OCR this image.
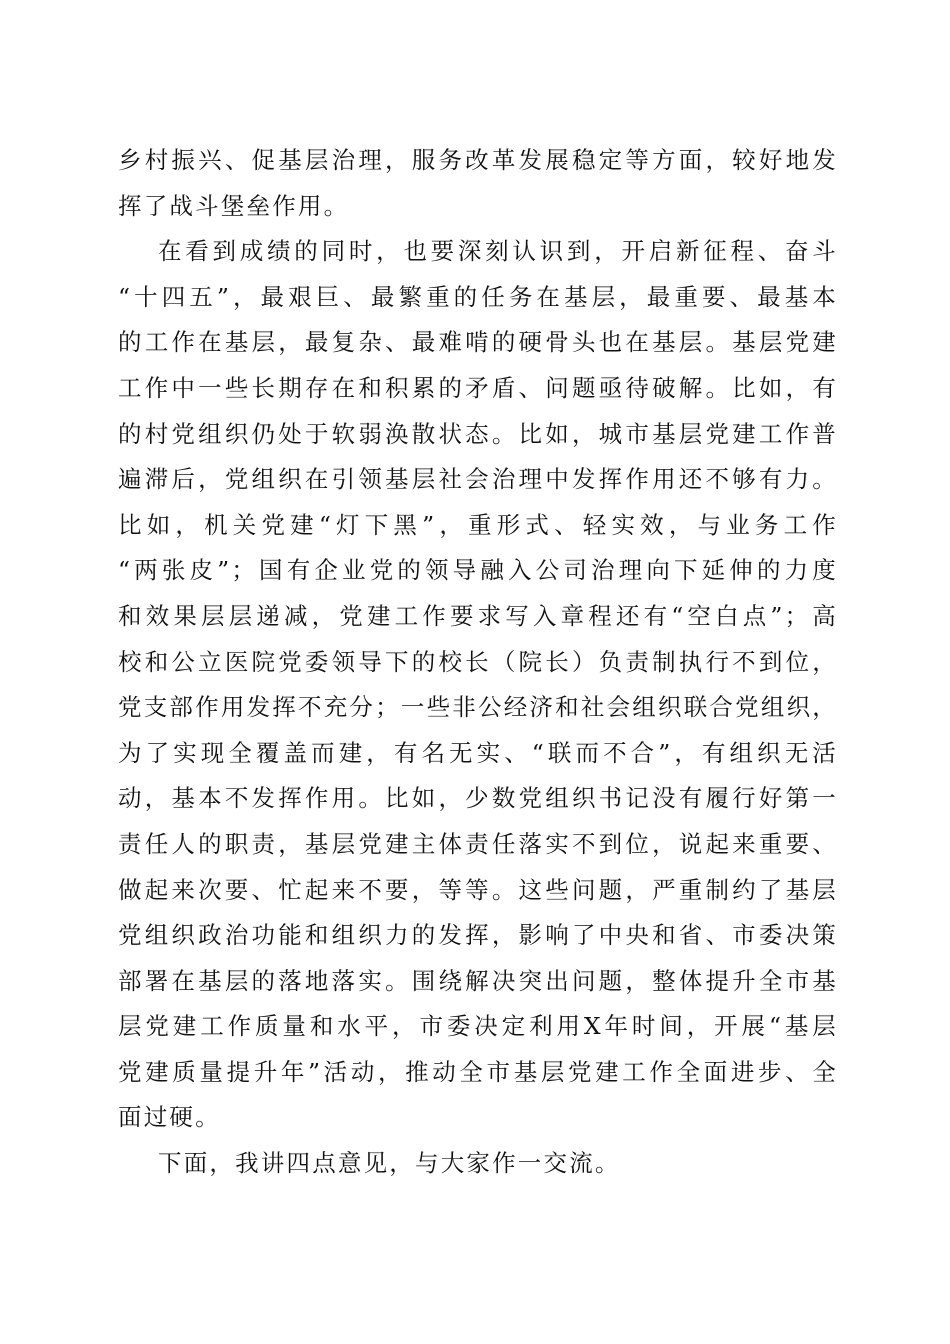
乡村振兴、促基层治理，服务改革发展稳定等方面，较好地发
挥了战斗堡垒作用。
在看到成绩的同时，也要深刻认识到，开启新征程、奋斗
“十四五”，最艰巨、最繁重的任务在基层，最重要、最基本
的工作在基层，最复杂、最难啃的硬骨头也在基层。基层党建
工作中一些长期存在和积累的矛盾、问题亟待破解。比如，有
的村党组织仍处于软弱涣散状态。比如，城市基层党建工作普
遍滞后，党组织在引领基层社会治理中发挥作用还不够有力。
比如，机关党建“灯下黑”，重形式、轻实效，与业务工作
“两张皮”；国有企业党的领导融入公司治理向下延伸的力度
和效果层层递减，党建工作要求写入章程还有“空白点”；高
校和公立医院党委领导下的校长（院长）负责制执行不到位，
党支部作用发挥不充分；一些非公经济和社会组织联合党组织，
为了实现全覆盖而建，有名无实、“联而不合”，有组织无活
动，基本不发挥作用。比如，少数党组织书记没有履行好第一
责任人的职责，基层党建主体责任落实不到位，说起来重要、
做起来次要、忙起来不要，等等。这些问题，严重制约了基层
党组织政治功能和组织力的发挥，影响了中央和省、市委决策
部署在基层的落地落实。围绕解决突出问题，整体提升全市基
层党建工作质量和水平，市委决定利用X年时间，开展“基层
党建质量提升年”活动，推动全市基层党建工作全面进步、全
面过硬。
下面，我讲四点意见，与大家作一交流。
